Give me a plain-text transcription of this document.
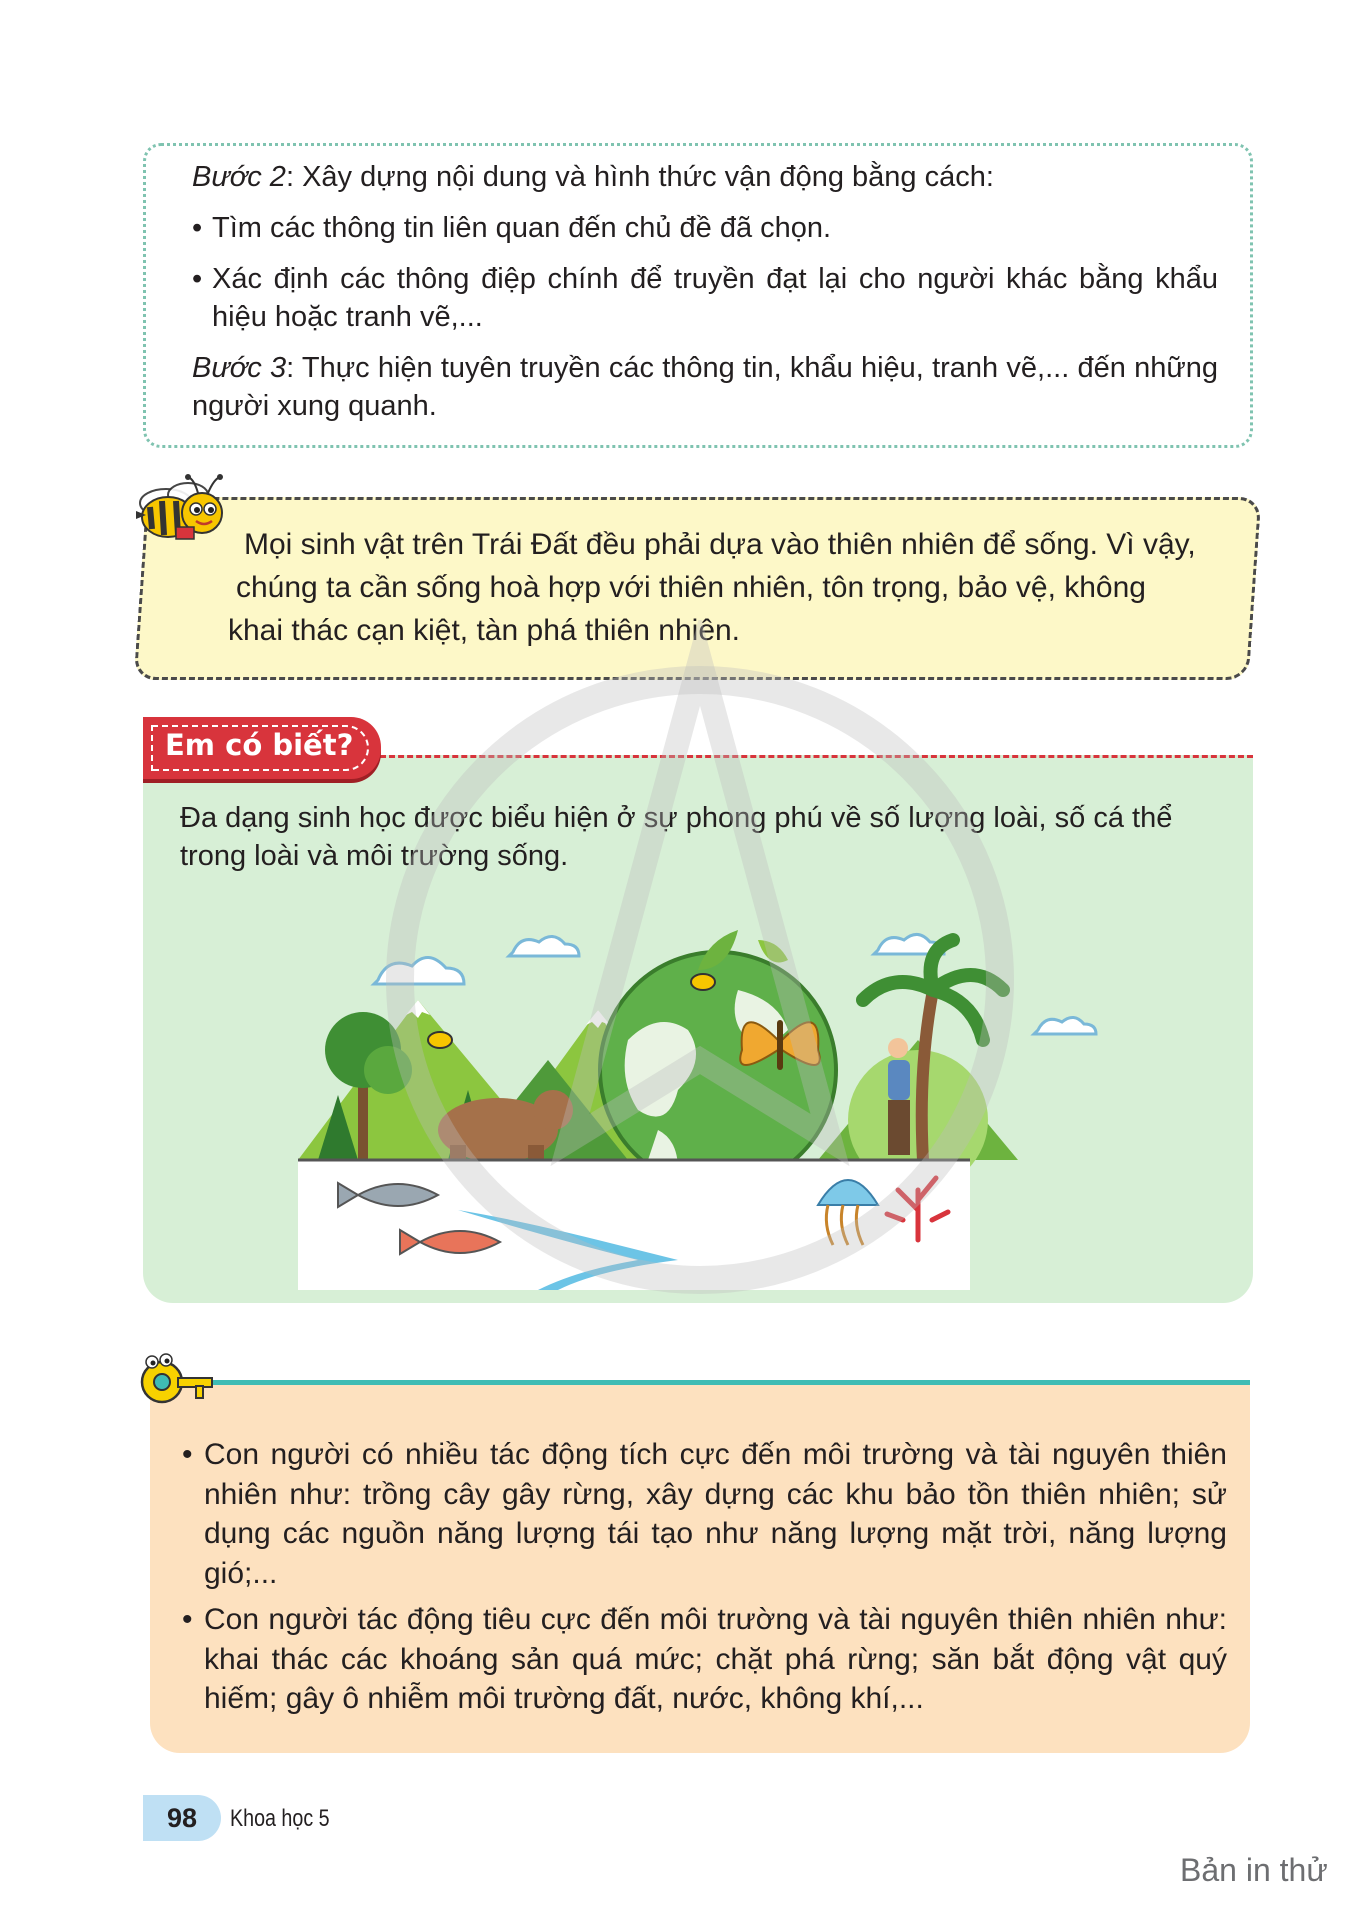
Bước 2: Xây dựng nội dung và hình thức vận động bằng cách:

• Tìm các thông tin liên quan đến chủ đề đã chọn.
• Xác định các thông điệp chính để truyền đạt lại cho người khác bằng khẩu hiệu hoặc tranh vẽ,...

Bước 3: Thực hiện tuyên truyền các thông tin, khẩu hiệu, tranh vẽ,... đến những người xung quanh.

Mọi sinh vật trên Trái Đất đều phải dựa vào thiên nhiên để sống. Vì vậy,
chúng ta cần sống hoà hợp với thiên nhiên, tôn trọng, bảo vệ, không
khai thác cạn kiệt, tàn phá thiên nhiên.
Em có biết?
Đa dạng sinh học được biểu hiện ở sự phong phú về số lượng loài, số cá thể trong loài và môi trường sống.
• Con người có nhiều tác động tích cực đến môi trường và tài nguyên thiên nhiên như: trồng cây gây rừng, xây dựng các khu bảo tồn thiên nhiên; sử dụng các nguồn năng lượng tái tạo như năng lượng mặt trời, năng lượng gió;...
• Con người tác động tiêu cực đến môi trường và tài nguyên thiên nhiên như: khai thác các khoáng sản quá mức; chặt phá rừng; săn bắt động vật quý hiếm; gây ô nhiễm môi trường đất, nước, không khí,...
98	Khoa học 5
Bản in thử
